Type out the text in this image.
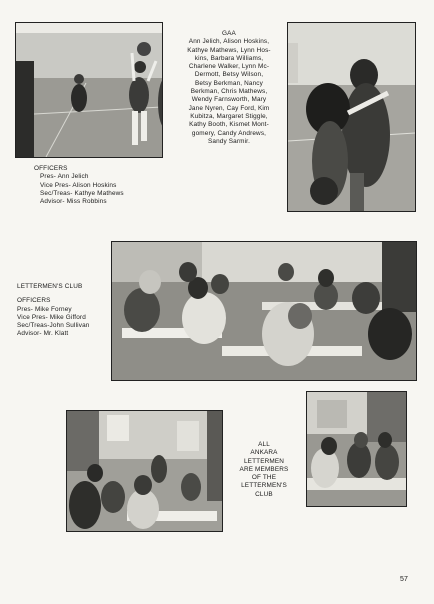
GAA
Ann Jelich, Alison Hoskins,
Kathye Mathews, Lynn Hos-
kins, Barbara Williams,
Charlene Walker, Lynn Mc-
Dermott, Betsy Wilson,
Betsy Berkman, Nancy
Berkman, Chris Mathews,
Wendy Farnsworth, Mary
Jane Nyren, Cay Ford, Kim
Kubitza, Margaret Stiggle,
Kathy Booth, Kismet Mont-
gomery, Candy Andrews,
Sandy Sarmir.
OFFICERS
Pres- Ann Jelich
Vice Pres- Alison Hoskins
Sec/Treas- Kathye Mathews
Advisor- Miss Robbins
LETTERMEN'S CLUB
OFFICERS
Pres- Mike Forney
Vice Pres- Mike Gifford
Sec/Treas-John Sullivan
Advisor- Mr. Klatt
ALL
ANKARA
LETTERMEN
ARE MEMBERS
OF THE
LETTERMEN'S
CLUB
57
